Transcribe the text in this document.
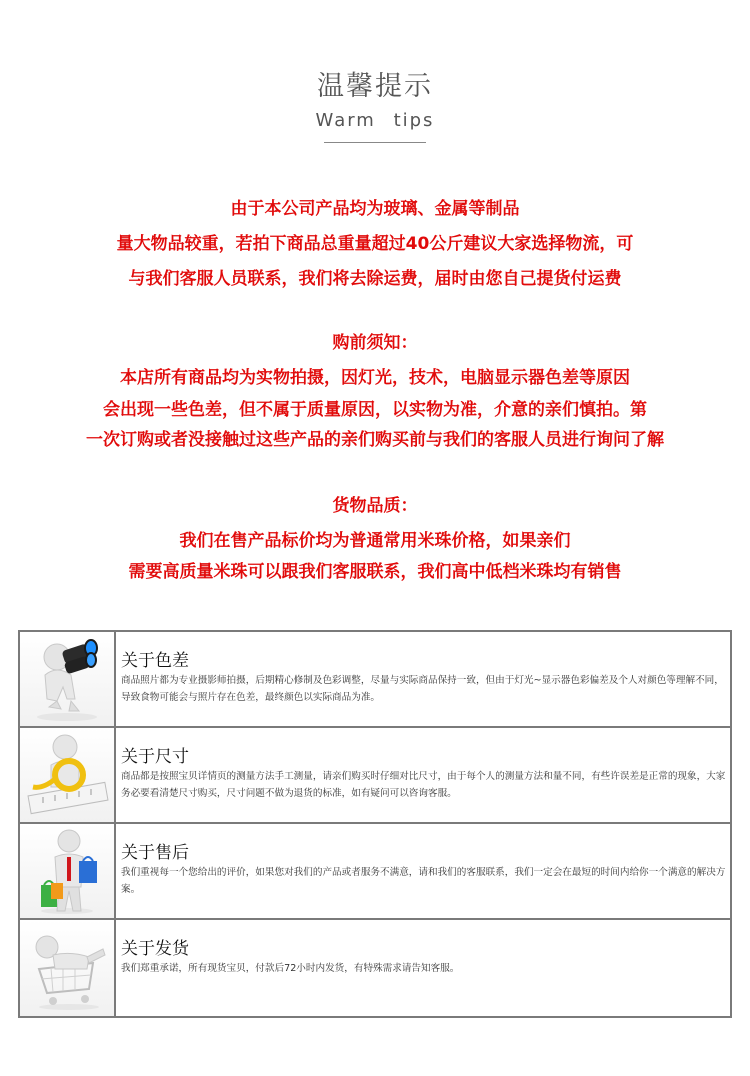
温馨提示
Warm tips
由于本公司产品均为玻璃、金属等制品
量大物品较重，若拍下商品总重量超过40公斤建议大家选择物流，可
与我们客服人员联系，我们将去除运费，届时由您自己提货付运费
购前须知：
本店所有商品均为实物拍摄，因灯光，技术，电脑显示器色差等原因
会出现一些色差，但不属于质量原因，以实物为准，介意的亲们慎拍。第
一次订购或者没接触过这些产品的亲们购买前与我们的客服人员进行询问了解
货物品质：
我们在售产品标价均为普通常用米珠价格，如果亲们
需要高质量米珠可以跟我们客服联系，我们高中低档米珠均有销售
关于色差
商品照片都为专业摄影师拍摄，后期精心修制及色彩调整，尽量与实际商品保持一致，但由于灯光~显示器色彩偏差及个人对颜色等理解不同，导致食物可能会与照片存在色差，最终颜色以实际商品为准。
关于尺寸
商品都是按照宝贝详情页的测量方法手工测量，请亲们购买时仔细对比尺寸，由于每个人的测量方法和量不同，有些许误差是正常的现象，大家务必要看清楚尺寸购买，尺寸问题不做为退货的标准，如有疑问可以咨询客服。
关于售后
我们重视每一个您给出的评价，如果您对我们的产品或者服务不满意，请和我们的客服联系，我们一定会在最短的时间内给你一个满意的解决方案。
关于发货
我们郑重承诺，所有现货宝贝，付款后72小时内发货，有特殊需求请告知客服。
